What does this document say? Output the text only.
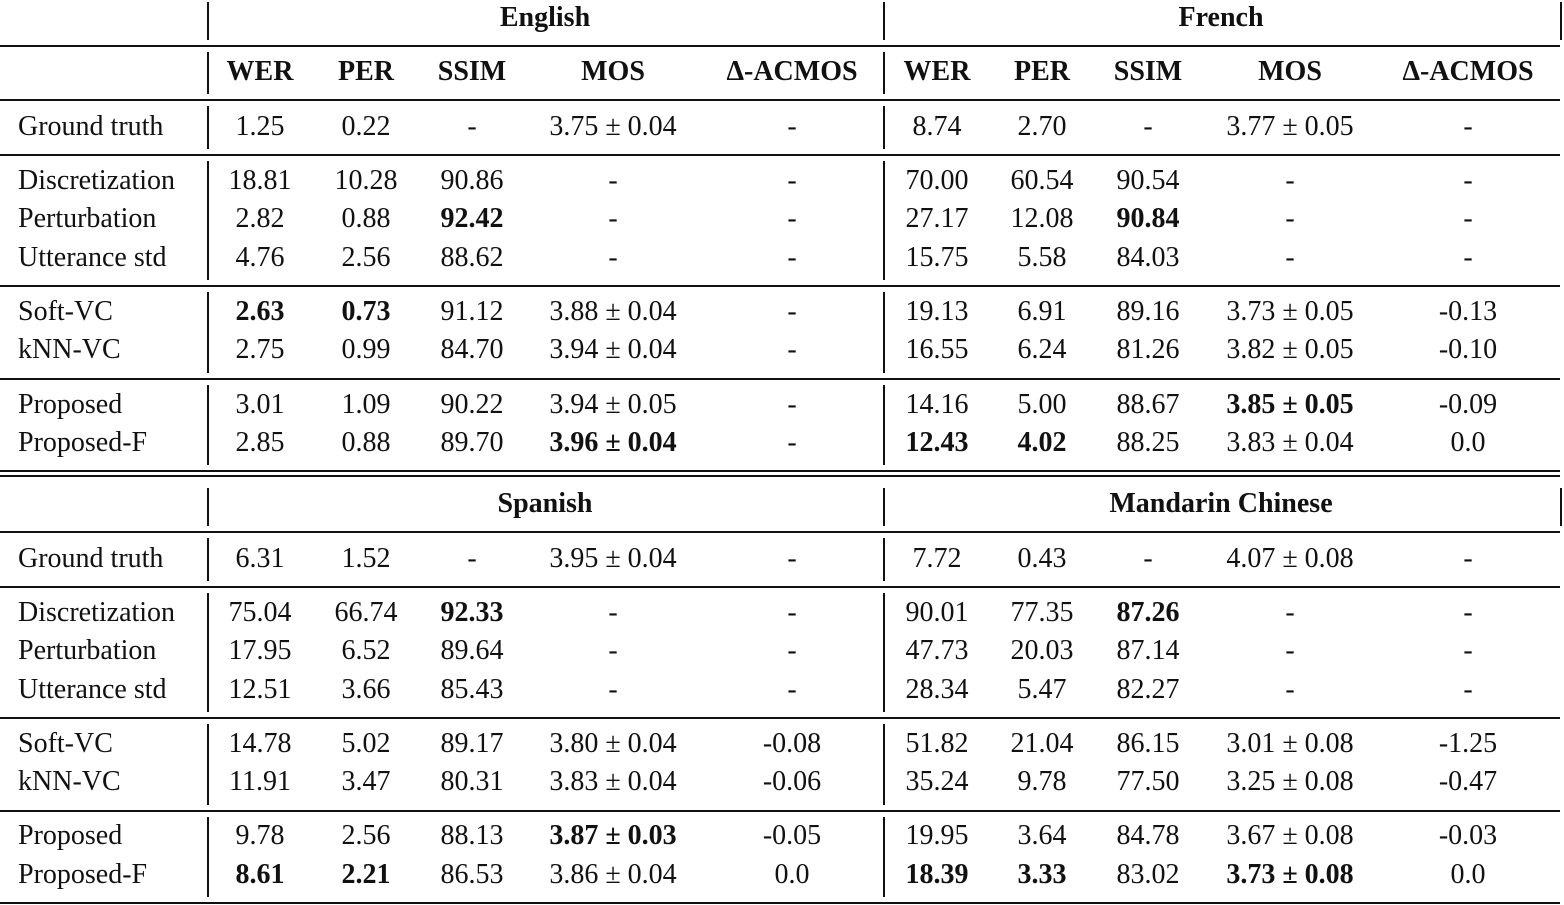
English	French
WER PER SSIM	MOS	Δ-ACMOS WER PER SSIM	MOS	Δ-ACMOS
Ground truth	1.25 0.22	-	3.75 ± 0.04	-	8.74 2.70	-	3.77 ± 0.05	-
Discretization 18.81 10.28 90.86	-	-	70.00 60.54 90.54	-	-
Perturbation	2.82 0.88 92.42	-	-	27.17 12.08 90.84	-	-
Utterance std 4.76 2.56 88.62	-	-	15.75 5.58 84.03	-	-
Soft-VC	2.63 0.73 91.12 3.88 ± 0.04	-	19.13 6.91 89.16 3.73 ± 0.05	-0.13
kNN-VC	2.75 0.99 84.70 3.94 ± 0.04	-	16.55 6.24 81.26 3.82 ± 0.05	-0.10
Proposed	3.01 1.09 90.22 3.94 ± 0.05	-	14.16 5.00 88.67 3.85 ± 0.05	-0.09
Proposed-F	2.85 0.88 89.70 3.96 ± 0.04	-	12.43 4.02 88.25 3.83 ± 0.04	0.0
Spanish	Mandarin Chinese
Ground truth	6.31 1.52	-	3.95 ± 0.04	-	7.72 0.43	-	4.07 ± 0.08	-
Discretization 75.04 66.74 92.33	-	-	90.01 77.35 87.26	-	-
Perturbation	17.95 6.52 89.64	-	-	47.73 20.03 87.14	-	-
Utterance std 12.51 3.66 85.43	-	-	28.34 5.47 82.27	-	-
Soft-VC	14.78 5.02 89.17 3.80 ± 0.04	-0.08	51.82 21.04 86.15 3.01 ± 0.08	-1.25
kNN-VC	11.91 3.47 80.31 3.83 ± 0.04	-0.06	35.24 9.78 77.50 3.25 ± 0.08	-0.47
Proposed	9.78 2.56 88.13 3.87 ± 0.03	-0.05	19.95 3.64 84.78 3.67 ± 0.08	-0.03
Proposed-F	8.61 2.21 86.53 3.86 ± 0.04	0.0	18.39 3.33 83.02 3.73 ± 0.08	0.0
